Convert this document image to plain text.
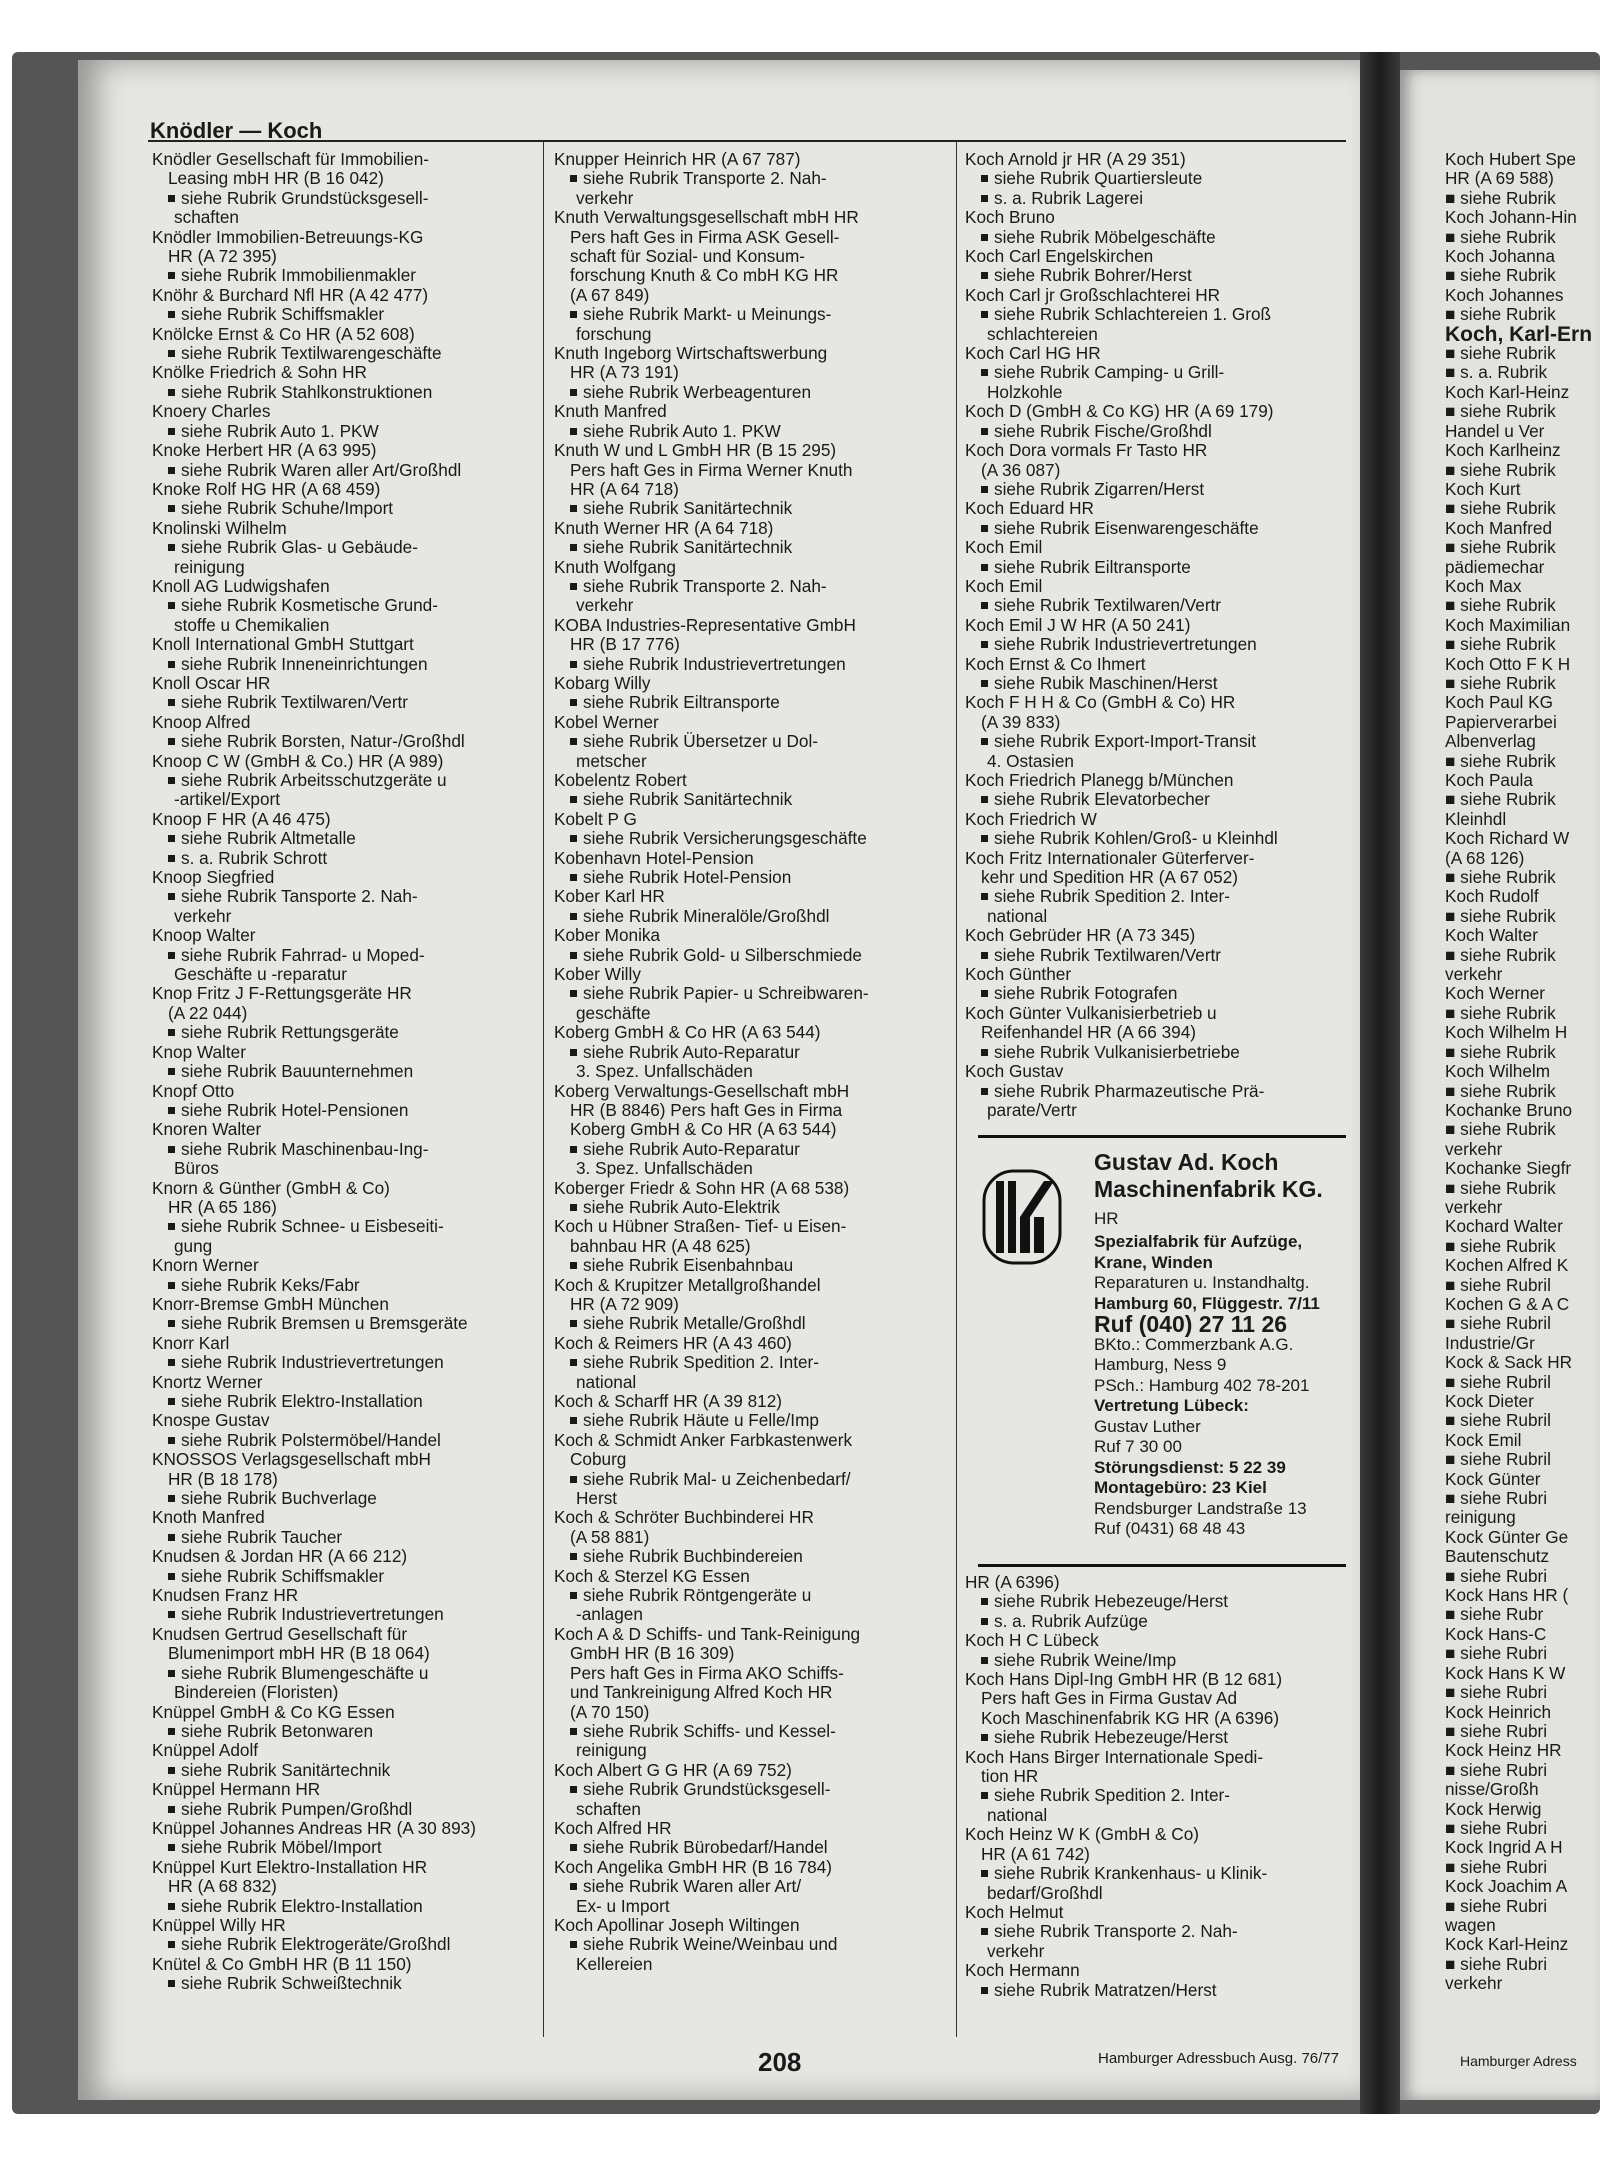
Knödler — Koch
Knödler Gesellschaft für Immobilien-
Leasing mbH HR (B 16 042)
siehe Rubrik Grundstücksgesell-
schaften
Knödler Immobilien-Betreuungs-KG
HR (A 72 395)
siehe Rubrik Immobilienmakler
Knöhr & Burchard Nfl HR (A 42 477)
siehe Rubrik Schiffsmakler
Knölcke Ernst & Co HR (A 52 608)
siehe Rubrik Textilwarengeschäfte
Knölke Friedrich & Sohn HR
siehe Rubrik Stahlkonstruktionen
Knoery Charles
siehe Rubrik Auto 1. PKW
Knoke Herbert HR (A 63 995)
siehe Rubrik Waren aller Art/Großhdl
Knoke Rolf HG HR (A 68 459)
siehe Rubrik Schuhe/Import
Knolinski Wilhelm
siehe Rubrik Glas- u Gebäude-
reinigung
Knoll AG Ludwigshafen
siehe Rubrik Kosmetische Grund-
stoffe u Chemikalien
Knoll International GmbH Stuttgart
siehe Rubrik Inneneinrichtungen
Knoll Oscar HR
siehe Rubrik Textilwaren/Vertr
Knoop Alfred
siehe Rubrik Borsten, Natur-/Großhdl
Knoop C W (GmbH & Co.) HR (A 989)
siehe Rubrik Arbeitsschutzgeräte u
-artikel/Export
Knoop F HR (A 46 475)
siehe Rubrik Altmetalle
s. a. Rubrik Schrott
Knoop Siegfried
siehe Rubrik Tansporte 2. Nah-
verkehr
Knoop Walter
siehe Rubrik Fahrrad- u Moped-
Geschäfte u -reparatur
Knop Fritz J F-Rettungsgeräte HR
(A 22 044)
siehe Rubrik Rettungsgeräte
Knop Walter
siehe Rubrik Bauunternehmen
Knopf Otto
siehe Rubrik Hotel-Pensionen
Knoren Walter
siehe Rubrik Maschinenbau-Ing-
Büros
Knorn & Günther (GmbH & Co)
HR (A 65 186)
siehe Rubrik Schnee- u Eisbeseiti-
gung
Knorn Werner
siehe Rubrik Keks/Fabr
Knorr-Bremse GmbH München
siehe Rubrik Bremsen u Bremsgeräte
Knorr Karl
siehe Rubrik Industrievertretungen
Knortz Werner
siehe Rubrik Elektro-Installation
Knospe Gustav
siehe Rubrik Polstermöbel/Handel
KNOSSOS Verlagsgesellschaft mbH
HR (B 18 178)
siehe Rubrik Buchverlage
Knoth Manfred
siehe Rubrik Taucher
Knudsen & Jordan HR (A 66 212)
siehe Rubrik Schiffsmakler
Knudsen Franz HR
siehe Rubrik Industrievertretungen
Knudsen Gertrud Gesellschaft für
Blumenimport mbH HR (B 18 064)
siehe Rubrik Blumengeschäfte u
Bindereien (Floristen)
Knüppel GmbH & Co KG Essen
siehe Rubrik Betonwaren
Knüppel Adolf
siehe Rubrik Sanitärtechnik
Knüppel Hermann HR
siehe Rubrik Pumpen/Großhdl
Knüppel Johannes Andreas HR (A 30 893)
siehe Rubrik Möbel/Import
Knüppel Kurt Elektro-Installation HR
HR (A 68 832)
siehe Rubrik Elektro-Installation
Knüppel Willy HR
siehe Rubrik Elektrogeräte/Großhdl
Knütel & Co GmbH HR (B 11 150)
siehe Rubrik Schweißtechnik
Knupper Heinrich HR (A 67 787)
siehe Rubrik Transporte 2. Nah-
verkehr
Knuth Verwaltungsgesellschaft mbH HR
Pers haft Ges in Firma ASK Gesell-
schaft für Sozial- und Konsum-
forschung Knuth & Co mbH KG HR
(A 67 849)
siehe Rubrik Markt- u Meinungs-
forschung
Knuth Ingeborg Wirtschaftswerbung
HR (A 73 191)
siehe Rubrik Werbeagenturen
Knuth Manfred
siehe Rubrik Auto 1. PKW
Knuth W und L GmbH HR (B 15 295)
Pers haft Ges in Firma Werner Knuth
HR (A 64 718)
siehe Rubrik Sanitärtechnik
Knuth Werner HR (A 64 718)
siehe Rubrik Sanitärtechnik
Knuth Wolfgang
siehe Rubrik Transporte 2. Nah-
verkehr
KOBA Industries-Representative GmbH
HR (B 17 776)
siehe Rubrik Industrievertretungen
Kobarg Willy
siehe Rubrik Eiltransporte
Kobel Werner
siehe Rubrik Übersetzer u Dol-
metscher
Kobelentz Robert
siehe Rubrik Sanitärtechnik
Kobelt P G
siehe Rubrik Versicherungsgeschäfte
Kobenhavn Hotel-Pension
siehe Rubrik Hotel-Pension
Kober Karl HR
siehe Rubrik Mineralöle/Großhdl
Kober Monika
siehe Rubrik Gold- u Silberschmiede
Kober Willy
siehe Rubrik Papier- u Schreibwaren-
geschäfte
Koberg GmbH & Co HR (A 63 544)
siehe Rubrik Auto-Reparatur
3. Spez. Unfallschäden
Koberg Verwaltungs-Gesellschaft mbH
HR (B 8846) Pers haft Ges in Firma
Koberg GmbH & Co HR (A 63 544)
siehe Rubrik Auto-Reparatur
3. Spez. Unfallschäden
Koberger Friedr & Sohn HR (A 68 538)
siehe Rubrik Auto-Elektrik
Koch u Hübner Straßen- Tief- u Eisen-
bahnbau HR (A 48 625)
siehe Rubrik Eisenbahnbau
Koch & Krupitzer Metallgroßhandel
HR (A 72 909)
siehe Rubrik Metalle/Großhdl
Koch & Reimers HR (A 43 460)
siehe Rubrik Spedition 2. Inter-
national
Koch & Scharff HR (A 39 812)
siehe Rubrik Häute u Felle/Imp
Koch & Schmidt Anker Farbkastenwerk
Coburg
siehe Rubrik Mal- u Zeichenbedarf/
Herst
Koch & Schröter Buchbinderei HR
(A 58 881)
siehe Rubrik Buchbindereien
Koch & Sterzel KG Essen
siehe Rubrik Röntgengeräte u
-anlagen
Koch A & D Schiffs- und Tank-Reinigung
GmbH HR (B 16 309)
Pers haft Ges in Firma AKO Schiffs-
und Tankreinigung Alfred Koch HR
(A 70 150)
siehe Rubrik Schiffs- und Kessel-
reinigung
Koch Albert G G HR (A 69 752)
siehe Rubrik Grundstücksgesell-
schaften
Koch Alfred HR
siehe Rubrik Bürobedarf/Handel
Koch Angelika GmbH HR (B 16 784)
siehe Rubrik Waren aller Art/
Ex- u Import
Koch Apollinar Joseph Wiltingen
siehe Rubrik Weine/Weinbau und
Kellereien
Koch Arnold jr HR (A 29 351)
siehe Rubrik Quartiersleute
s. a. Rubrik Lagerei
Koch Bruno
siehe Rubrik Möbelgeschäfte
Koch Carl Engelskirchen
siehe Rubrik Bohrer/Herst
Koch Carl jr Großschlachterei HR
siehe Rubrik Schlachtereien 1. Groß
schlachtereien
Koch Carl HG HR
siehe Rubrik Camping- u Grill-
Holzkohle
Koch D (GmbH & Co KG) HR (A 69 179)
siehe Rubrik Fische/Großhdl
Koch Dora vormals Fr Tasto HR
(A 36 087)
siehe Rubrik Zigarren/Herst
Koch Eduard HR
siehe Rubrik Eisenwarengeschäfte
Koch Emil
siehe Rubrik Eiltransporte
Koch Emil
siehe Rubrik Textilwaren/Vertr
Koch Emil J W HR (A 50 241)
siehe Rubrik Industrievertretungen
Koch Ernst & Co Ihmert
siehe Rubik Maschinen/Herst
Koch F H H & Co (GmbH & Co) HR
(A 39 833)
siehe Rubrik Export-Import-Transit
4. Ostasien
Koch Friedrich Planegg b/München
siehe Rubrik Elevatorbecher
Koch Friedrich W
siehe Rubrik Kohlen/Groß- u Kleinhdl
Koch Fritz Internationaler Güterferver-
kehr und Spedition HR (A 67 052)
siehe Rubrik Spedition 2. Inter-
national
Koch Gebrüder HR (A 73 345)
siehe Rubrik Textilwaren/Vertr
Koch Günther
siehe Rubrik Fotografen
Koch Günter Vulkanisierbetrieb u
Reifenhandel HR (A 66 394)
siehe Rubrik Vulkanisierbetriebe
Koch Gustav
siehe Rubrik Pharmazeutische Prä-
parate/Vertr
Gustav Ad. Koch
Maschinenfabrik KG. HR
Spezialfabrik für Aufzüge,
Krane, Winden
Reparaturen u. Instandhaltg.
Hamburg 60, Flüggestr. 7/11
Ruf (040) 27 11 26
BKto.: Commerzbank A.G.
Hamburg, Ness 9
PSch.: Hamburg 402 78-201
Vertretung Lübeck:
Gustav Luther
Ruf 7 30 00
Störungsdienst: 5 22 39
Montagebüro: 23 Kiel
Rendsburger Landstraße 13
Ruf (0431) 68 48 43
HR (A 6396)
siehe Rubrik Hebezeuge/Herst
s. a. Rubrik Aufzüge
Koch H C Lübeck
siehe Rubrik Weine/Imp
Koch Hans Dipl-Ing GmbH HR (B 12 681)
Pers haft Ges in Firma Gustav Ad
Koch Maschinenfabrik KG HR (A 6396)
siehe Rubrik Hebezeuge/Herst
Koch Hans Birger Internationale Spedi-
tion HR
siehe Rubrik Spedition 2. Inter-
national
Koch Heinz W K (GmbH & Co)
HR (A 61 742)
siehe Rubrik Krankenhaus- u Klinik-
bedarf/Großhdl
Koch Helmut
siehe Rubrik Transporte 2. Nah-
verkehr
Koch Hermann
siehe Rubrik Matratzen/Herst
208	Hamburger Adressbuch Ausg. 76/77
Koch Hubert Spe
HR (A 69 588)
■ siehe Rubrik
Koch Johann-Hin
■ siehe Rubrik
Koch Johanna
■ siehe Rubrik
Koch Johannes
■ siehe Rubrik
Koch, Karl-Ern
■ siehe Rubrik
■ s. a. Rubrik
Koch Karl-Heinz
■ siehe Rubrik
Handel u Ver
Koch Karlheinz
■ siehe Rubrik
Koch Kurt
■ siehe Rubrik
Koch Manfred
■ siehe Rubrik
pädiemechar
Koch Max
■ siehe Rubrik
Koch Maximilian
■ siehe Rubrik
Koch Otto F K H
■ siehe Rubrik
Koch Paul KG
Papierverarbei
Albenverlag
■ siehe Rubrik
Koch Paula
■ siehe Rubrik
Kleinhdl
Koch Richard W
(A 68 126)
■ siehe Rubrik
Koch Rudolf
■ siehe Rubrik
Koch Walter
■ siehe Rubrik
verkehr
Koch Werner
■ siehe Rubrik
Koch Wilhelm H
■ siehe Rubrik
Koch Wilhelm
■ siehe Rubrik
Kochanke Bruno
■ siehe Rubrik
verkehr
Kochanke Siegfr
■ siehe Rubrik
verkehr
Kochard Walter
■ siehe Rubrik
Kochen Alfred K
■ siehe Rubril
Kochen G & A C
■ siehe Rubril
Industrie/Gr
Kock & Sack HR
■ siehe Rubril
Kock Dieter
■ siehe Rubril
Kock Emil
■ siehe Rubril
Kock Günter
■ siehe Rubri
reinigung
Kock Günter Ge
Bautenschutz
■ siehe Rubri
Kock Hans HR (
■ siehe Rubr
Kock Hans-C
■ siehe Rubri
Kock Hans K W
■ siehe Rubri
Kock Heinrich
■ siehe Rubri
Kock Heinz HR
■ siehe Rubri
nisse/Großh
Kock Herwig
■ siehe Rubri
Kock Ingrid A H
■ siehe Rubri
Kock Joachim A
■ siehe Rubri
wagen
Kock Karl-Heinz
■ siehe Rubri
verkehr
Hamburger Adress
